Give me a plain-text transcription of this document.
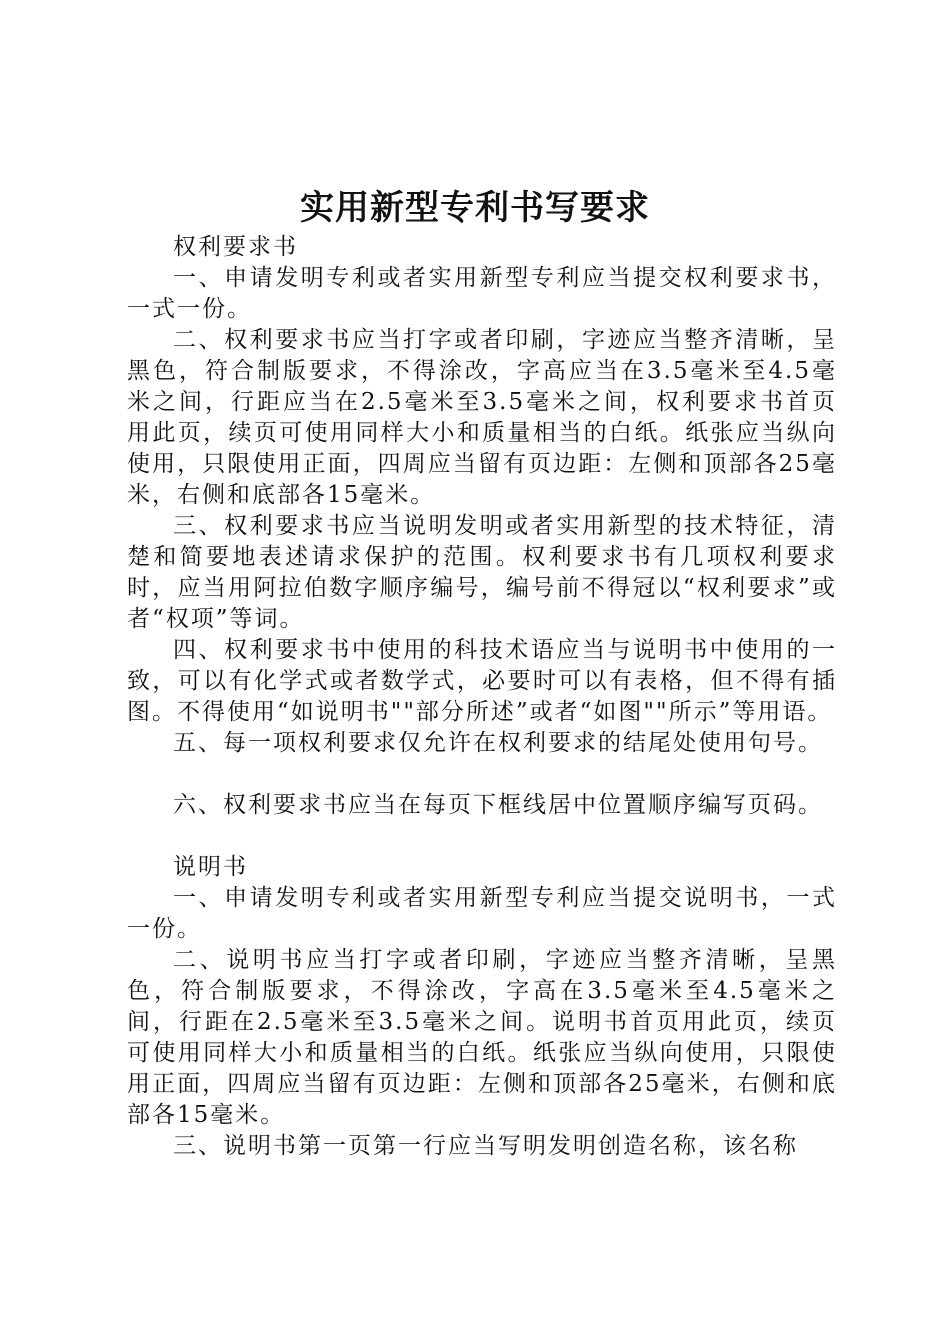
实用新型专利书写要求

权利要求书

一、申请发明专利或者实用新型专利应当提交权利要求书，一式一份。

二、权利要求书应当打字或者印刷，字迹应当整齐清晰，呈黑色，符合制版要求，不得涂改，字高应当在3.5毫米至4.5毫米之间，行距应当在2.5毫米至3.5毫米之间，权利要求书首页用此页，续页可使用同样大小和质量相当的白纸。纸张应当纵向使用，只限使用正面，四周应当留有页边距：左侧和顶部各25毫米，右侧和底部各15毫米。

三、权利要求书应当说明发明或者实用新型的技术特征，清楚和简要地表述请求保护的范围。权利要求书有几项权利要求时，应当用阿拉伯数字顺序编号，编号前不得冠以“权利要求”或者“权项”等词。

四、权利要求书中使用的科技术语应当与说明书中使用的一致，可以有化学式或者数学式，必要时可以有表格，但不得有插图。不得使用“如说明书""部分所述”或者“如图""所示”等用语。

五、每一项权利要求仅允许在权利要求的结尾处使用句号。

六、权利要求书应当在每页下框线居中位置顺序编写页码。

说明书

一、申请发明专利或者实用新型专利应当提交说明书，一式一份。

二、说明书应当打字或者印刷，字迹应当整齐清晰，呈黑色，符合制版要求，不得涂改，字高在3.5毫米至4.5毫米之间，行距在2.5毫米至3.5毫米之间。说明书首页用此页，续页可使用同样大小和质量相当的白纸。纸张应当纵向使用，只限使用正面，四周应当留有页边距：左侧和顶部各25毫米，右侧和底部各15毫米。

三、说明书第一页第一行应当写明发明创造名称，该名称
